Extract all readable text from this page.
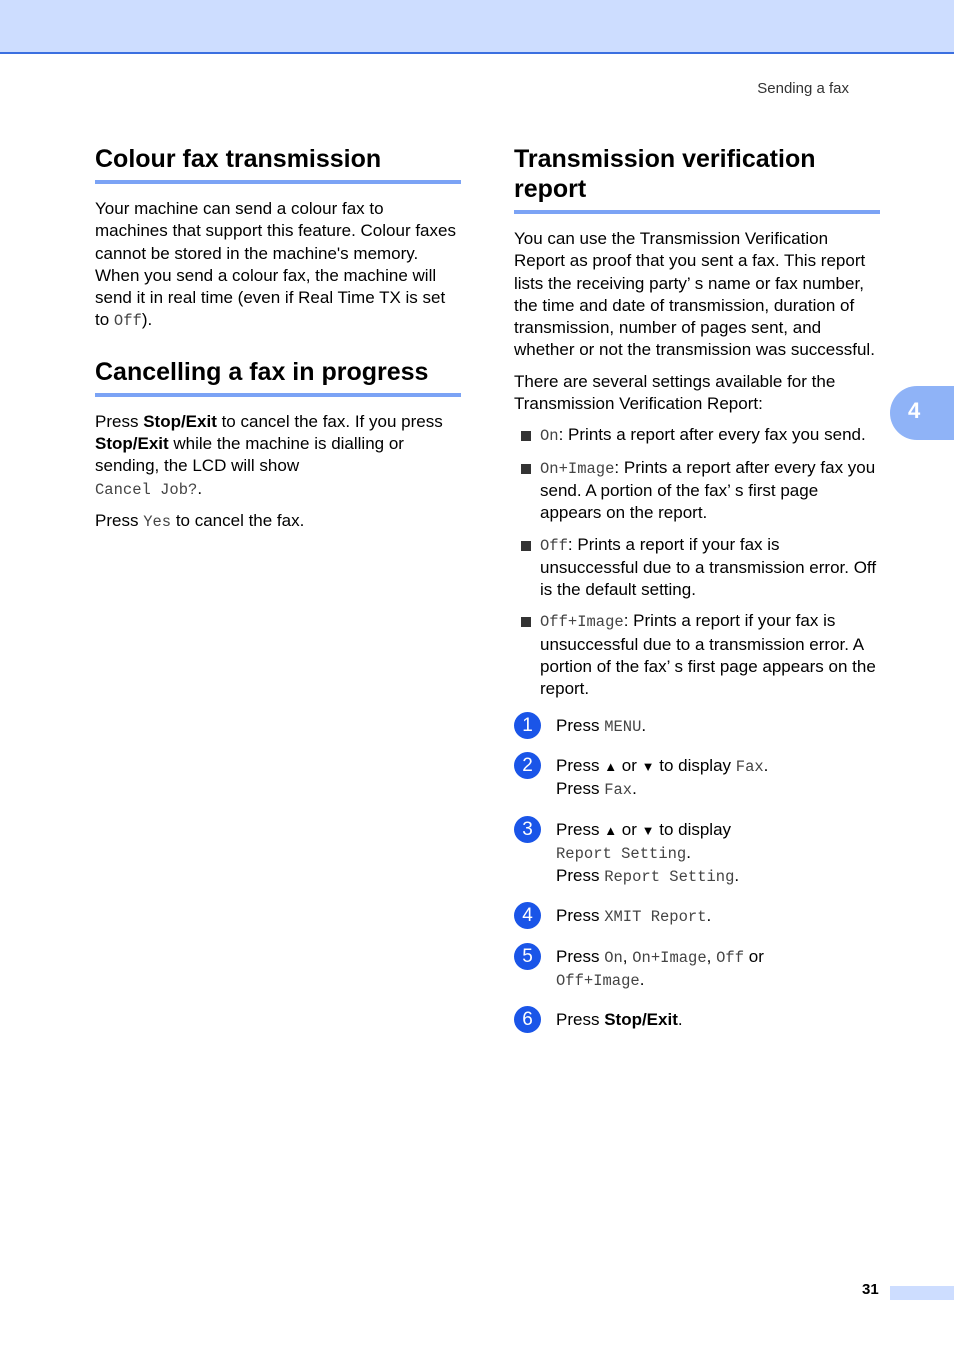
Sending a fax
Colour fax transmission

Your machine can send a colour fax to machines that support this feature. Colour faxes cannot be stored in the machine's memory. When you send a colour fax, the machine will send it in real time (even if Real Time TX is set to Off).

Cancelling a fax in progress

Press Stop/Exit to cancel the fax. If you press Stop/Exit while the machine is dialling or sending, the LCD will show
Cancel Job?.

Press Yes to cancel the fax.

Transmission verification report

You can use the Transmission Verification Report as proof that you sent a fax. This report lists the receiving party’ s name or fax number, the time and date of transmission, duration of transmission, number of pages sent, and whether or not the transmission was successful.

There are several settings available for the Transmission Verification Report:

On: Prints a report after every fax you send.
On+Image: Prints a report after every fax you send. A portion of the fax’ s first page appears on the report.
Off: Prints a report if your fax is unsuccessful due to a transmission error. Off is the default setting.
Off+Image: Prints a report if your fax is unsuccessful due to a transmission error. A portion of the fax’ s first page appears on the report.
1	Press MENU.
2	Press ▲ or ▼ to display Fax.
Press Fax.
3	Press ▲ or ▼ to display
Report Setting.
Press Report Setting.
4	Press XMIT Report.
5	Press On, On+Image, Off or
Off+Image.
6	Press Stop/Exit.
4
31
